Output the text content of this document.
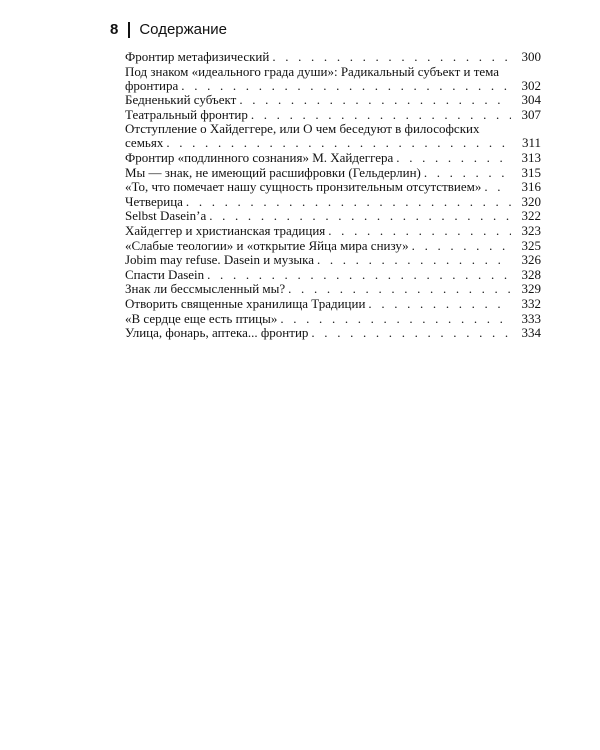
8 Содержание
Фронтир метафизический . . .	300
Под знаком «идеального града души»: Радикальный субъект и тема
фронтира . . .	302
Бедненький субъект . . .	304
Театральный фронтир . . .	307
Отступление о Хайдеггере, или О чем беседуют в философских
семьях . . .	311
Фронтир «подлинного сознания» М. Хайдеггера . . .	313
Мы — знак, не имеющий расшифровки (Гельдерлин) . . .	315
«То, что помечает нашу сущность пронзительным отсутствием» . . .	316
Четверица . . .	320
Selbst Dasein’a . . .	322
Хайдеггер и христианская традиция . . .	323
«Слабые теологии» и «открытие Яйца мира снизу» . . .	325
Jobim may refuse. Dasein и музыка . . .	326
Спасти Dasein . . .	328
Знак ли бессмысленный мы? . . .	329
Отворить священные хранилища Традиции . . .	332
«В сердце еще есть птицы» . . .	333
Улица, фонарь, аптека... фронтир . . .	334
